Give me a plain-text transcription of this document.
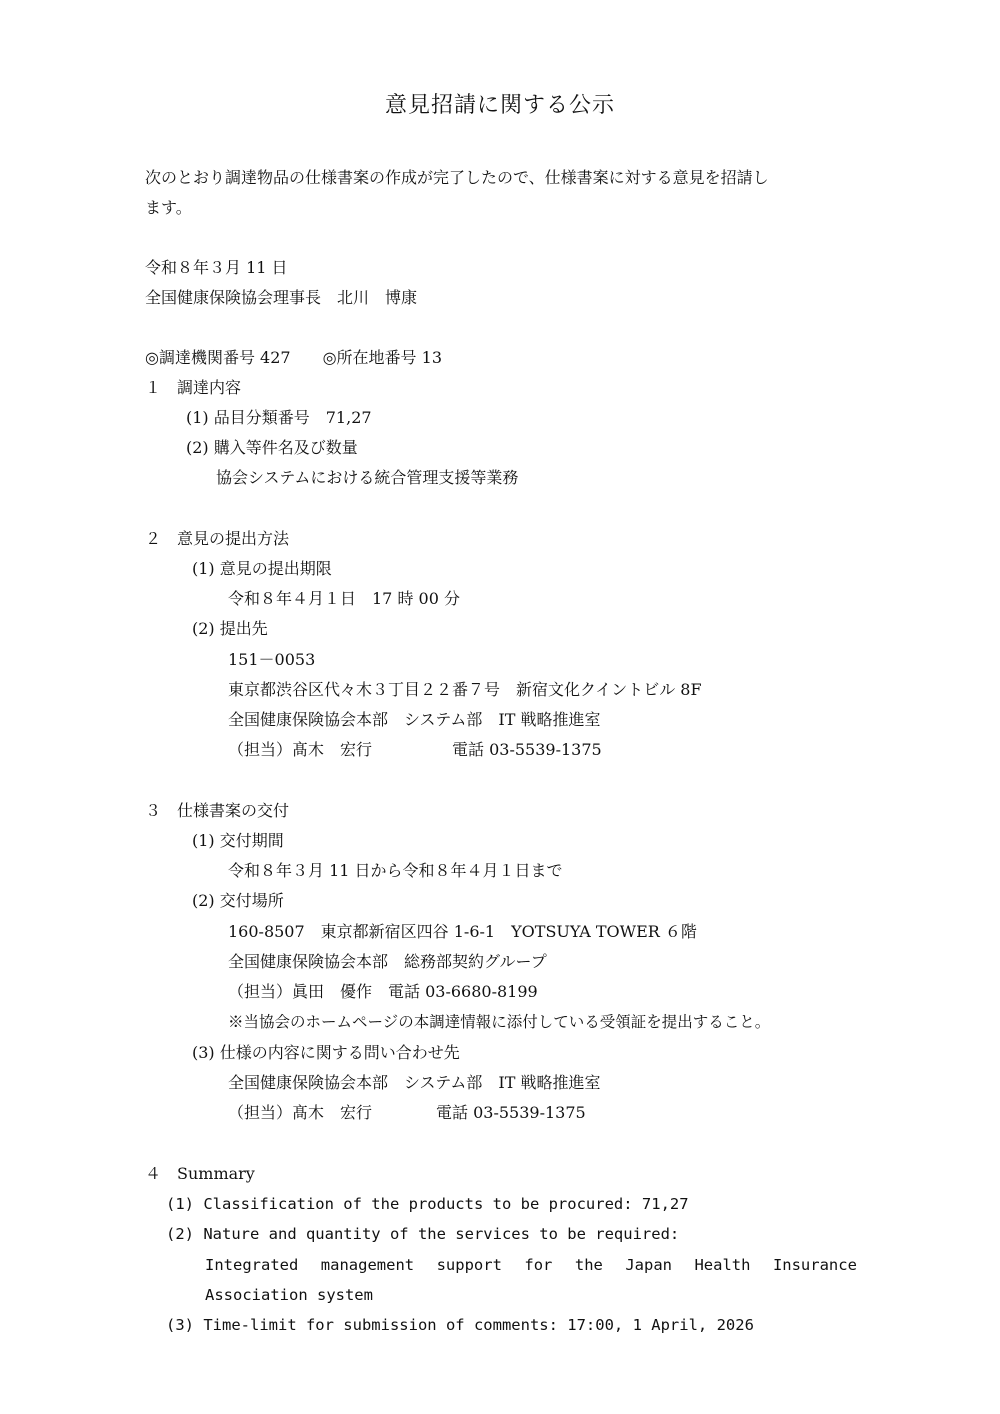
意見招請に関する公示
次のとおり調達物品の仕様書案の作成が完了したので、仕様書案に対する意見を招請し
ます。
令和８年３月 11 日
全国健康保険協会理事長　北川　博康
◎調達機関番号 427　　◎所在地番号 13
１　調達内容
(1) 品目分類番号　71,27
(2) 購入等件名及び数量
協会システムにおける統合管理支援等業務
２　意見の提出方法
(1) 意見の提出期限
令和８年４月１日　17 時 00 分
(2) 提出先
151－0053
東京都渋谷区代々木３丁目２２番７号　新宿文化クイントビル 8F
全国健康保険協会本部　システム部　IT 戦略推進室
（担当）髙木　宏行　　　　　電話 03-5539-1375
３　仕様書案の交付
(1) 交付期間
令和８年３月 11 日から令和８年４月１日まで
(2) 交付場所
160-8507　東京都新宿区四谷 1-6-1　YOTSUYA TOWER ６階
全国健康保険協会本部　総務部契約グループ
（担当）眞田　優作　電話 03-6680-8199
※当協会のホームページの本調達情報に添付している受領証を提出すること。
(3) 仕様の内容に関する問い合わせ先
全国健康保険協会本部　システム部　IT 戦略推進室
（担当）髙木　宏行　　　　電話 03-5539-1375
４　Summary
(1) Classification of the products to be procured: 71,27
(2) Nature and quantity of the services to be required:
Integrated management support for the Japan Health Insurance
Association system
(3) Time-limit for submission of comments: 17:00, 1 April, 2026
